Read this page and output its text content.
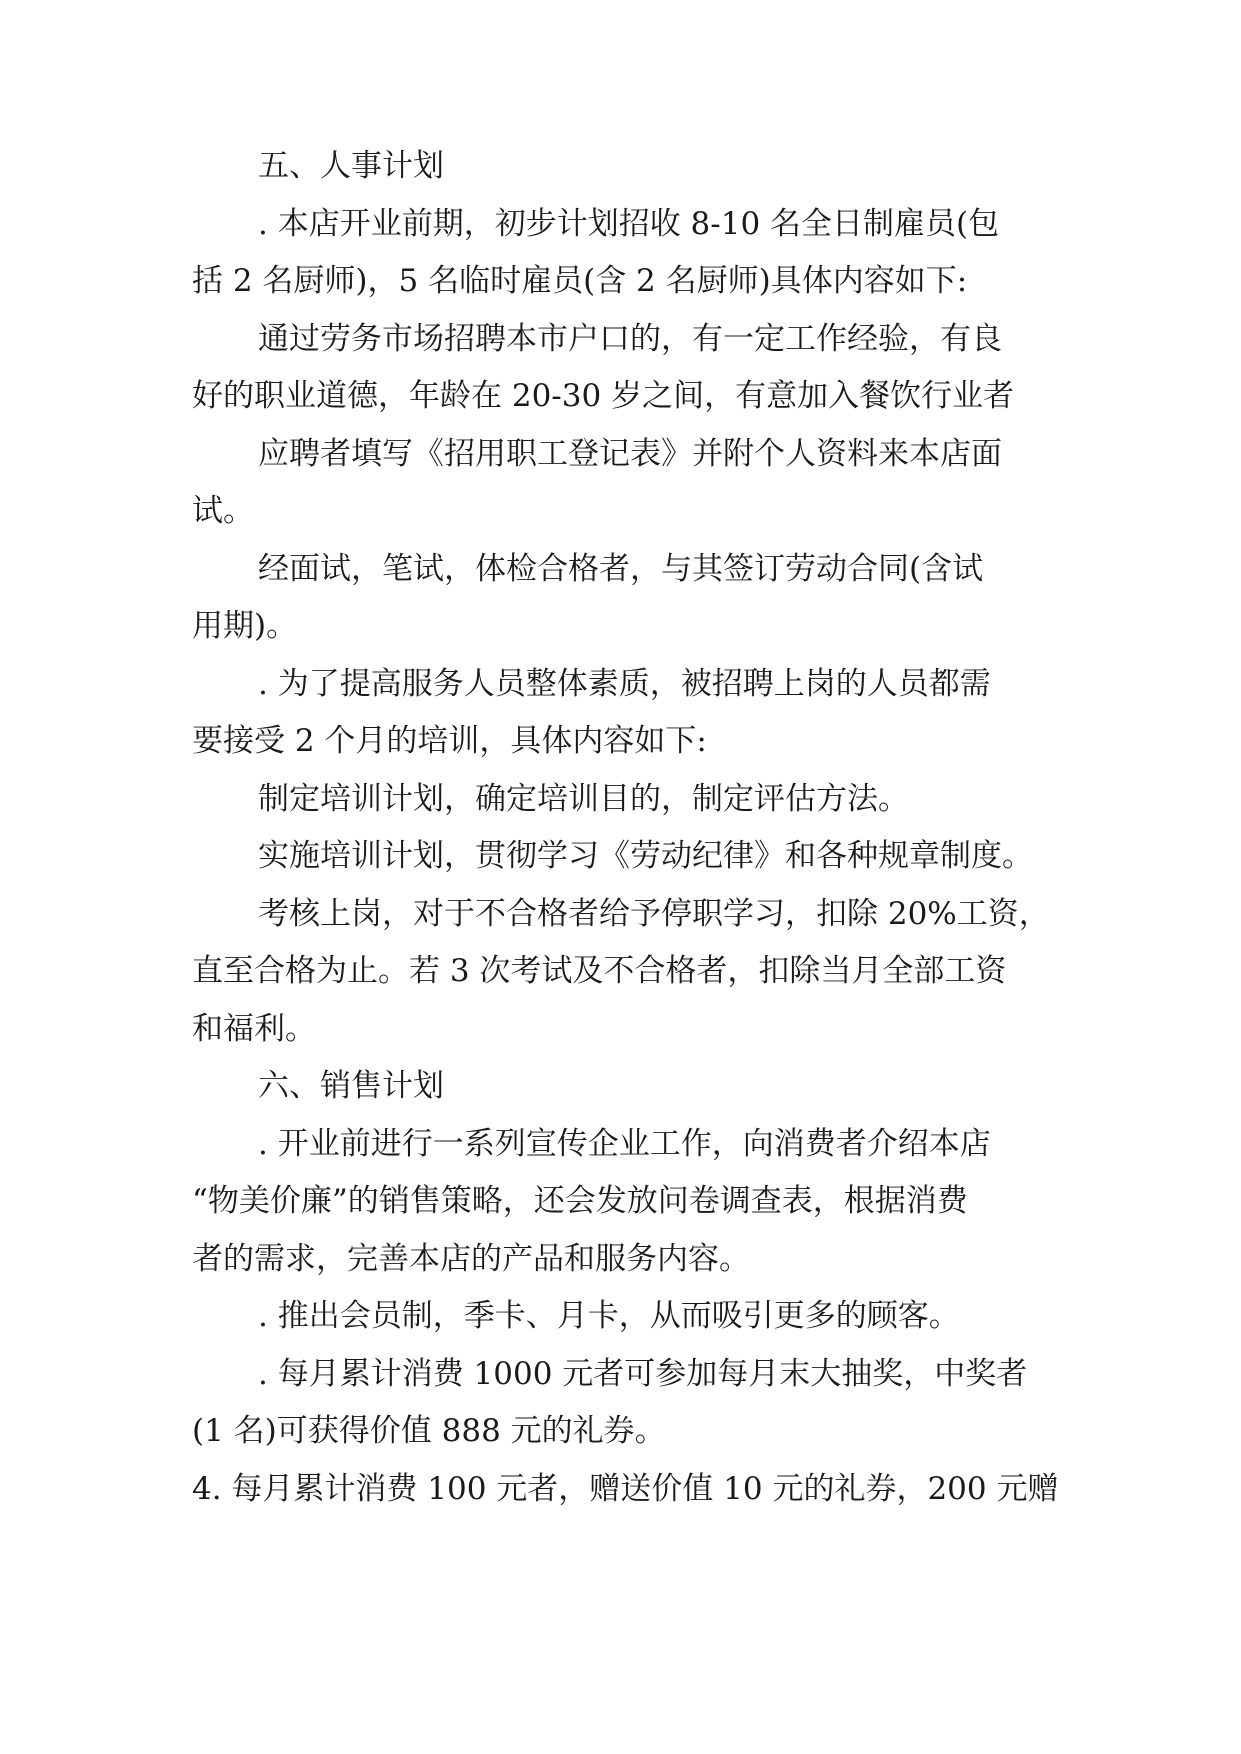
五、人事计划
. 本店开业前期，初步计划招收 8-10 名全日制雇员(包
括 2 名厨师)，5 名临时雇员(含 2 名厨师)具体内容如下:
通过劳务市场招聘本市户口的，有一定工作经验，有良
好的职业道德，年龄在 20-30 岁之间，有意加入餐饮行业者
应聘者填写《招用职工登记表》并附个人资料来本店面
试。
经面试，笔试，体检合格者，与其签订劳动合同(含试
用期)。
. 为了提高服务人员整体素质，被招聘上岗的人员都需
要接受 2 个月的培训，具体内容如下:
制定培训计划，确定培训目的，制定评估方法。
实施培训计划，贯彻学习《劳动纪律》和各种规章制度。
考核上岗，对于不合格者给予停职学习，扣除 20%工资，
直至合格为止。若 3 次考试及不合格者，扣除当月全部工资
和福利。
六、销售计划
. 开业前进行一系列宣传企业工作，向消费者介绍本店
“物美价廉”的销售策略，还会发放问卷调查表，根据消费
者的需求，完善本店的产品和服务内容。
. 推出会员制，季卡、月卡，从而吸引更多的顾客。
. 每月累计消费 1000 元者可参加每月末大抽奖，中奖者
(1 名)可获得价值 888 元的礼券。
4. 每月累计消费 100 元者，赠送价值 10 元的礼券，200 元赠
